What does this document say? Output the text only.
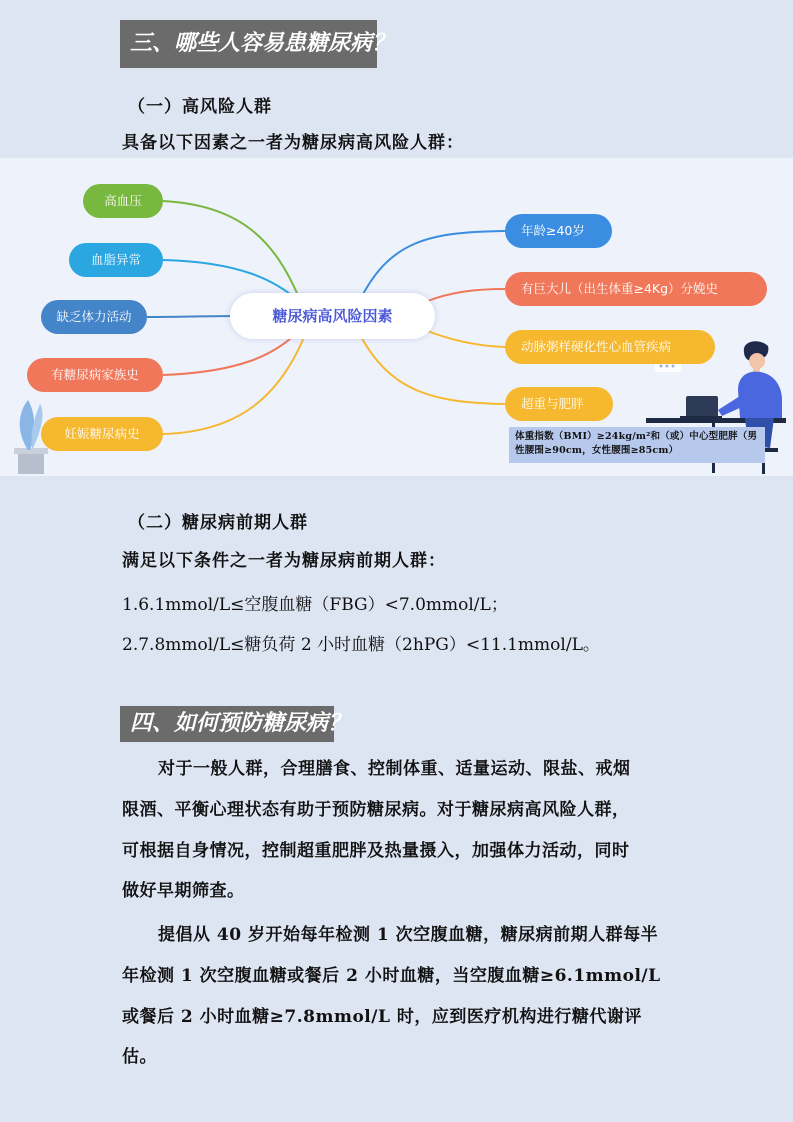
三、哪些人容易患糖尿病？
（一）高风险人群
具备以下因素之一者为糖尿病高风险人群：
糖尿病高风险因素
高血压
血脂异常
缺乏体力活动
有糖尿病家族史
妊娠糖尿病史
年龄≥40岁
有巨大儿（出生体重≥4Kg）分娩史
动脉粥样硬化性心血管疾病
超重与肥胖
体重指数（BMI）≥24kg/m²和（或）中心型肥胖（男性腰围≥90cm，女性腰围≥85cm）
（二）糖尿病前期人群
满足以下条件之一者为糖尿病前期人群：
1.6.1mmol/L≤空腹血糖（FBG）<7.0mmol/L；
2.7.8mmol/L≤糖负荷 2 小时血糖（2hPG）<11.1mmol/L。
四、如何预防糖尿病？
对于一般人群，合理膳食、控制体重、适量运动、限盐、戒烟
限酒、平衡心理状态有助于预防糖尿病。对于糖尿病高风险人群，
可根据自身情况，控制超重肥胖及热量摄入，加强体力活动，同时
做好早期筛查。
提倡从 40 岁开始每年检测 1 次空腹血糖，糖尿病前期人群每半
年检测 1 次空腹血糖或餐后 2 小时血糖，当空腹血糖≥6.1mmol/L
或餐后 2 小时血糖≥7.8mmol/L 时，应到医疗机构进行糖代谢评
估。
